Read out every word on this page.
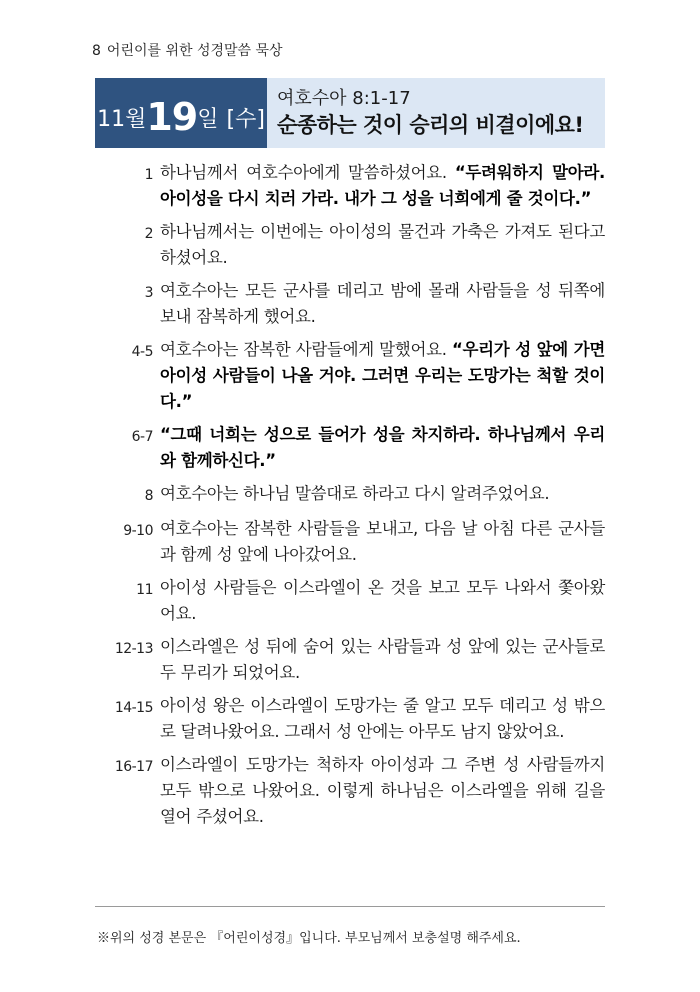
8 어린이를 위한 성경말씀 묵상
11월 19 일 [수]
여호수아 8:1-17
순종하는 것이 승리의 비결이에요!
1 하나님께서 여호수아에게 말씀하셨어요. “두려워하지 말아라. 아이성을 다시 치러 가라. 내가 그 성을 너희에게 줄 것이다.”
2 하나님께서는 이번에는 아이성의 물건과 가축은 가져도 된다고 하셨어요.
3 여호수아는 모든 군사를 데리고 밤에 몰래 사람들을 성 뒤쪽에 보내 잠복하게 했어요.
4-5 여호수아는 잠복한 사람들에게 말했어요. “우리가 성 앞에 가면 아이성 사람들이 나올 거야. 그러면 우리는 도망가는 척할 것이다.”
6-7 “그때 너희는 성으로 들어가 성을 차지하라. 하나님께서 우리와 함께하신다.”
8 여호수아는 하나님 말씀대로 하라고 다시 알려주었어요.
9-10 여호수아는 잠복한 사람들을 보내고, 다음 날 아침 다른 군사들과 함께 성 앞에 나아갔어요.
11 아이성 사람들은 이스라엘이 온 것을 보고 모두 나와서 쫓아왔어요.
12-13 이스라엘은 성 뒤에 숨어 있는 사람들과 성 앞에 있는 군사들로 두 무리가 되었어요.
14-15 아이성 왕은 이스라엘이 도망가는 줄 알고 모두 데리고 성 밖으로 달려나왔어요. 그래서 성 안에는 아무도 남지 않았어요.
16-17 이스라엘이 도망가는 척하자 아이성과 그 주변 성 사람들까지 모두 밖으로 나왔어요. 이렇게 하나님은 이스라엘을 위해 길을 열어 주셨어요.
※위의 성경 본문은 『어린이성경』입니다. 부모님께서 보충설명 해주세요.
